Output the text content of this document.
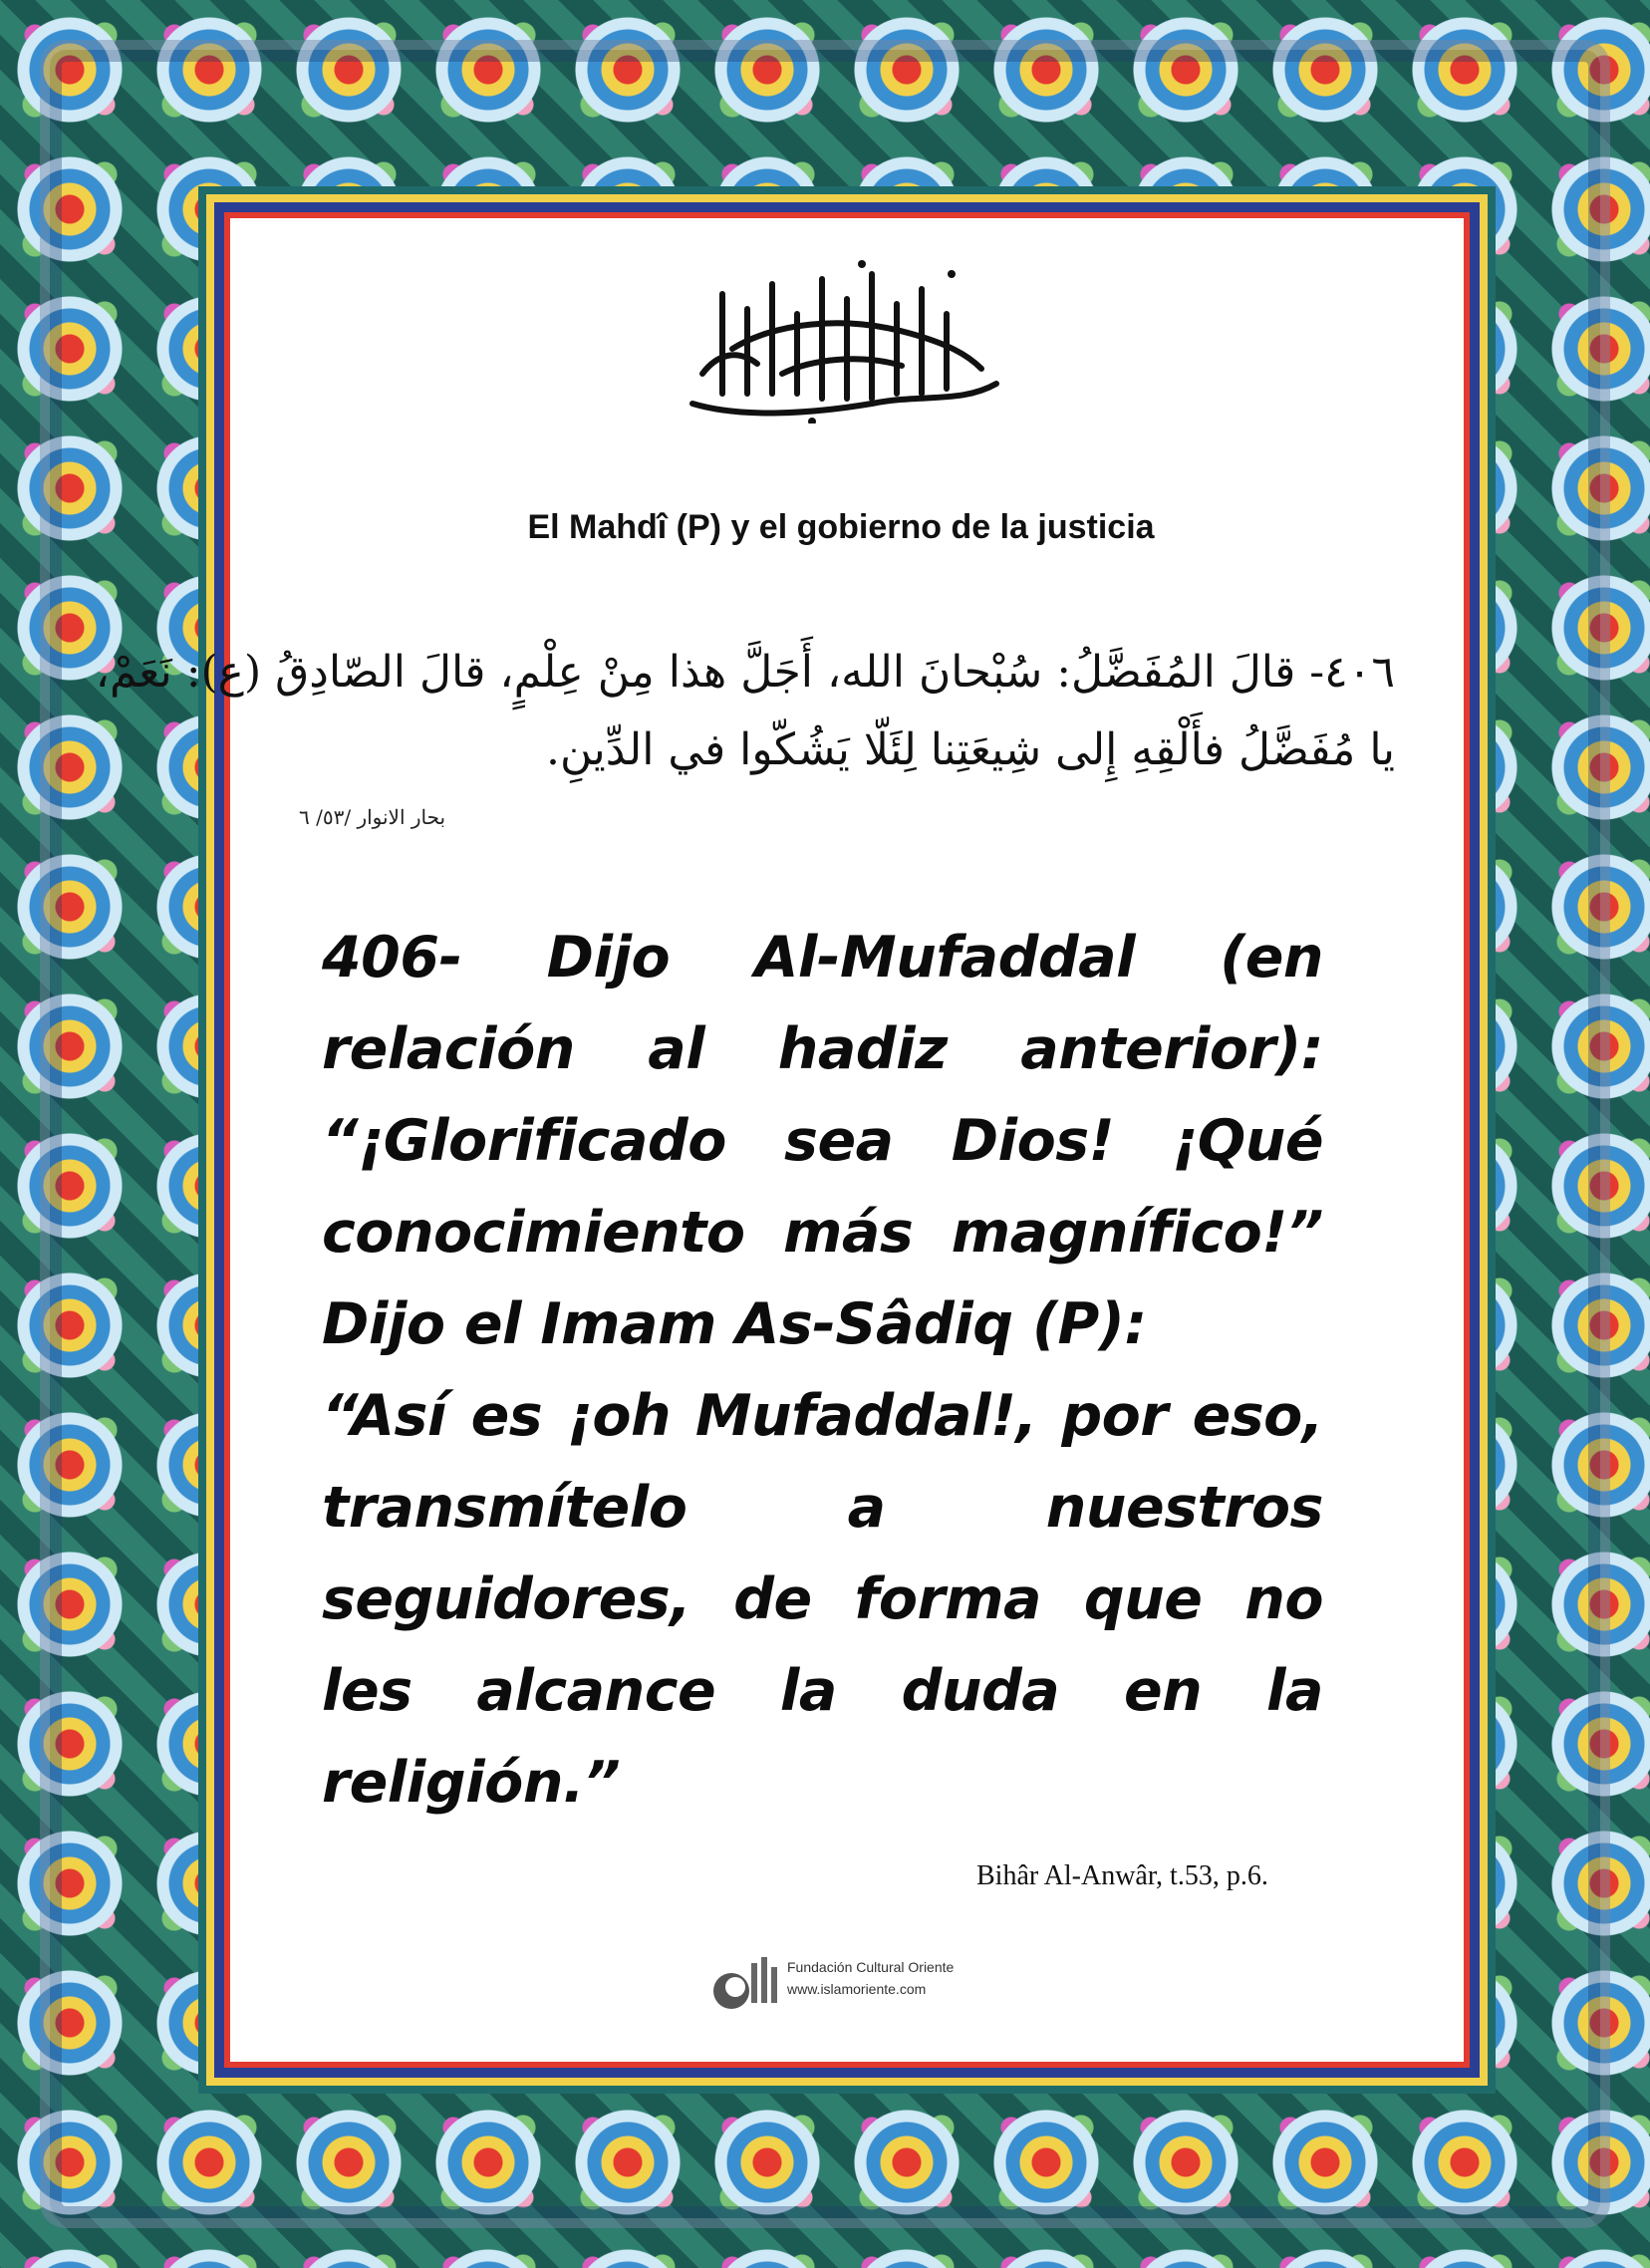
El Mahdî (P) y el gobierno de la justicia
٤٠٦- قالَ المُفَضَّلُ: سُبْحانَ الله، أَجَلَّ هذا مِنْ عِلْمٍ، قالَ الصّادِقُ (ع): نَعَمْ،
يا مُفَضَّلُ فأَلْقِهِ إِلى شِيعَتِنا لِئَلّا يَشُكّوا في الدِّينِ.
بحار الانوار /٥٣/ ٦

406- Dijo Al-Mufaddal (en relación al hadiz anterior): “¡Glorificado sea Dios! ¡Qué conocimiento más magnífico!” Dijo el Imam As-Sâdiq (P):

“Así es ¡oh Mufaddal!, por eso, transmítelo a nuestros seguidores, de forma que no les alcance la duda en la religión.”

Bihâr Al-Anwâr, t.53, p.6.
Fundación Cultural Oriente
www.islamoriente.com
